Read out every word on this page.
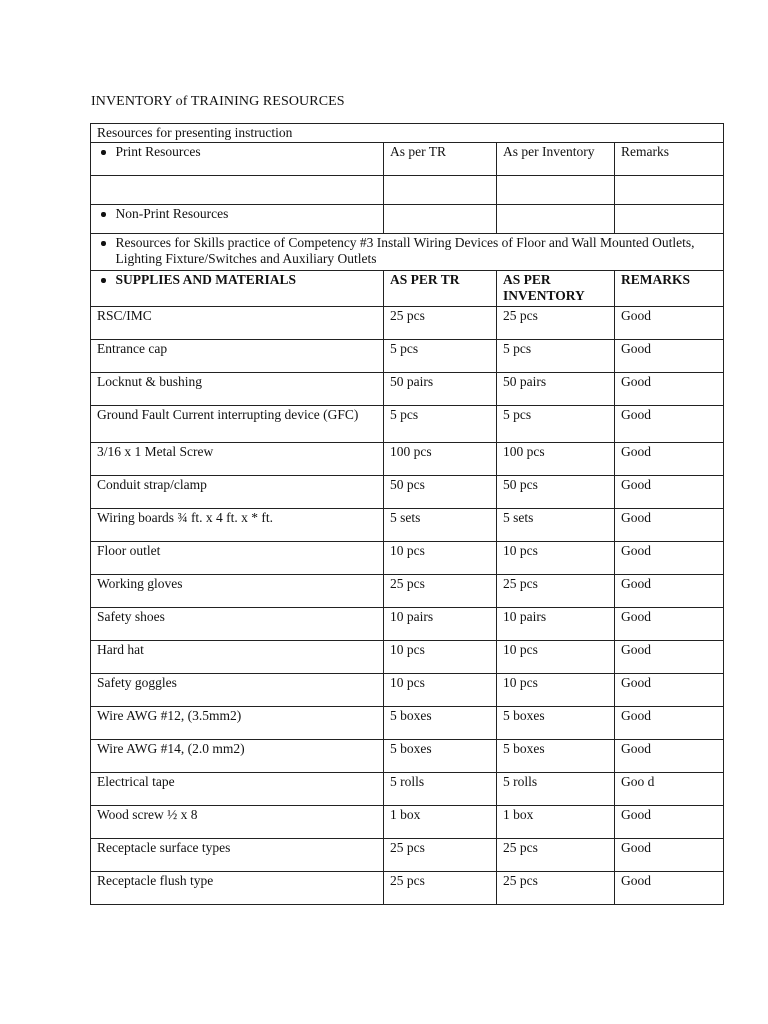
INVENTORY of TRAINING RESOURCES
Resources for presenting instruction			

Print Resources	As per TR	As per Inventory	Remarks

Non-Print Resources			

Resources for Skills practice of Competency #3 Install Wiring Devices of Floor and Wall Mounted Outlets, Lighting Fixture/Switches and Auxiliary Outlets			

SUPPLIES AND MATERIALS	AS PER TR	AS PER INVENTORY	REMARKS
RSC/IMC	25 pcs	25 pcs	Good
Entrance cap	5 pcs	5 pcs	Good
Locknut & bushing	50 pairs	50 pairs	Good
Ground Fault Current interrupting device (GFC)	5 pcs	5 pcs	Good
3/16 x 1 Metal Screw	100 pcs	100 pcs	Good
Conduit strap/clamp	50 pcs	50 pcs	Good
Wiring boards ¾ ft. x 4 ft. x * ft.	5 sets	5 sets	Good
Floor outlet	10 pcs	10 pcs	Good
Working gloves	25 pcs	25 pcs	Good
Safety shoes	10 pairs	10 pairs	Good
Hard hat	10 pcs	10 pcs	Good
Safety goggles	10 pcs	10 pcs	Good
Wire AWG #12, (3.5mm2)	5 boxes	5 boxes	Good
Wire AWG #14, (2.0 mm2)	5 boxes	5 boxes	Good
Electrical tape	5 rolls	5 rolls	Goo d
Wood screw ½ x 8	1 box	1 box	Good
Receptacle surface types	25 pcs	25 pcs	Good
Receptacle flush type	25 pcs	25 pcs	Good
